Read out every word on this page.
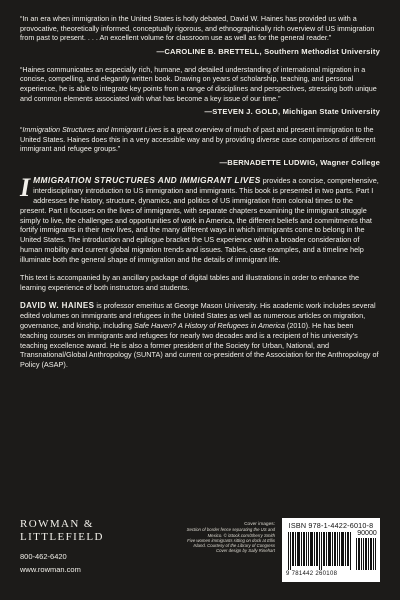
“In an era when immigration in the United States is hotly debated, David W. Haines has provided us with a provocative, theoretically informed, conceptually rigorous, and ethnographically rich overview of US immigration from past to present. . . . An excellent volume for classroom use as well as for the general reader.”

—CAROLINE B. BRETTELL, Southern Methodist University

“Haines communicates an especially rich, humane, and detailed understanding of international migration in a concise, compelling, and elegantly written book. Drawing on years of scholarship, teaching, and personal experience, he is able to integrate key points from a range of disciplines and perspectives, stressing both unique and common elements associated with what has become a key issue of our time.”

—STEVEN J. GOLD, Michigan State University

“Immigration Structures and Immigrant Lives is a great overview of much of past and present immigration to the United States. Haines does this in a very accessible way and by providing diverse case comparisons of different immigrant and refugee groups.”

—BERNADETTE LUDWIG, Wagner College

IMMIGRATION STRUCTURES AND IMMIGRANT LIVES provides a concise, comprehensive, interdisciplinary introduction to US immigration and immigrants. This book is presented in two parts. Part I addresses the history, structure, dynamics, and politics of US immigration from colonial times to the present. Part II focuses on the lives of immigrants, with separate chapters examining the immigrant struggle simply to live, the challenges and opportunities of work in America, the different beliefs and commitments that fortify immigrants in their new lives, and the many different ways in which immigrants come to belong in the United States. The introduction and epilogue bracket the US experience within a broader consideration of human mobility and current global migration trends and issues. Tables, case examples, and a timeline help illuminate both the general shape of immigration and the details of immigrant life.

This text is accompanied by an ancillary package of digital tables and illustrations in order to enhance the learning experience of both instructors and students.

DAVID W. HAINES is professor emeritus at George Mason University. His academic work includes several edited volumes on immigrants and refugees in the United States as well as numerous articles on migration, governance, and kinship, including Safe Haven? A History of Refugees in America (2010). He has been teaching courses on immigrants and refugees for nearly two decades and is a recipient of his university’s teaching excellence award. He is also a former president of the Society for Urban, National, and Transnational/Global Anthropology (SUNTA) and current co-president of the Association for the Anthropology of Policy (ASAP).

ROWMAN &
LITTLEFIELD
800-462-6420
www.rowman.com
Cover images:
Section of border fence separating the US and
Mexico. © iStock.com/Sherry Smith
Five women immigrants sitting on dock at Ellis
Island. Courtesy of the Library of Congress
Cover design by Sally Rinehart
ISBN 978-1-4422-6010-8
90000
9 781442 260108
